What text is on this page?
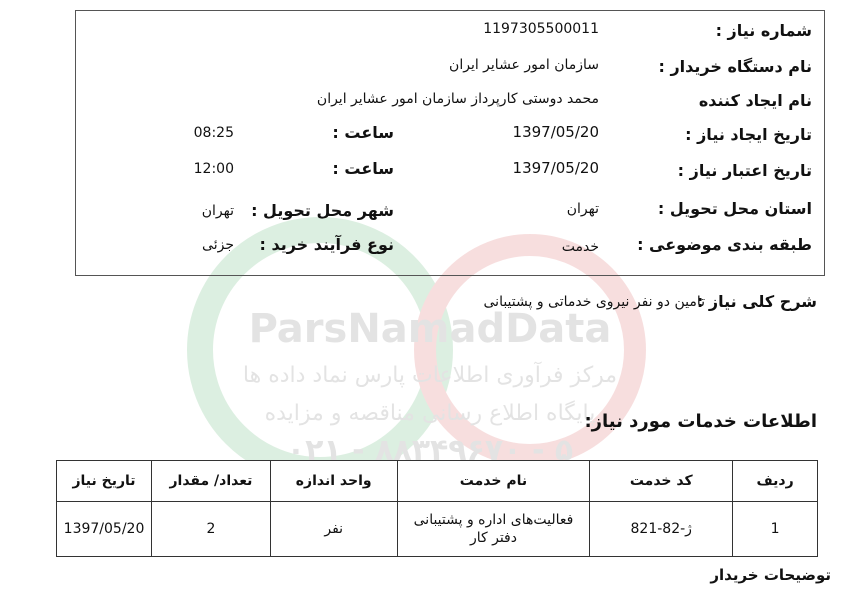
ParsNamadData
مرکز فرآوری اطلاعات پارس نماد داده ها
پایگاه اطلاع رسانی مناقصه و مزایده
۰۲۱ - ۸۸۳۴۹۶۷۰ - ۵
شماره نیاز :
1197305500011
نام دستگاه خریدار :
سازمان امور عشایر ایران
نام ایجاد کننده
محمد دوستی کارپرداز سازمان امور عشایر ایران
تاریخ ایجاد نیاز :
1397/05/20
ساعت :
08:25
تاریخ اعتبار نیاز :
1397/05/20
ساعت :
12:00
استان محل تحویل :
تهران
شهر محل تحویل :
تهران
طبقه بندی موضوعی :
خدمت
نوع فرآیند خرید :
جزئی
شرح کلی نیاز :
تامین دو نفر نیروی خدماتی و پشتیبانی
اطلاعات خدمات مورد نیاز:
ردیف	کد خدمت	نام خدمت	واحد اندازه	تعداد/ مقدار	تاریخ نیاز
1	ژ-82-821	فعالیت‌های اداره و پشتیبانی دفتر کار	نفر	2	1397/05/20
توضیحات خریدار
